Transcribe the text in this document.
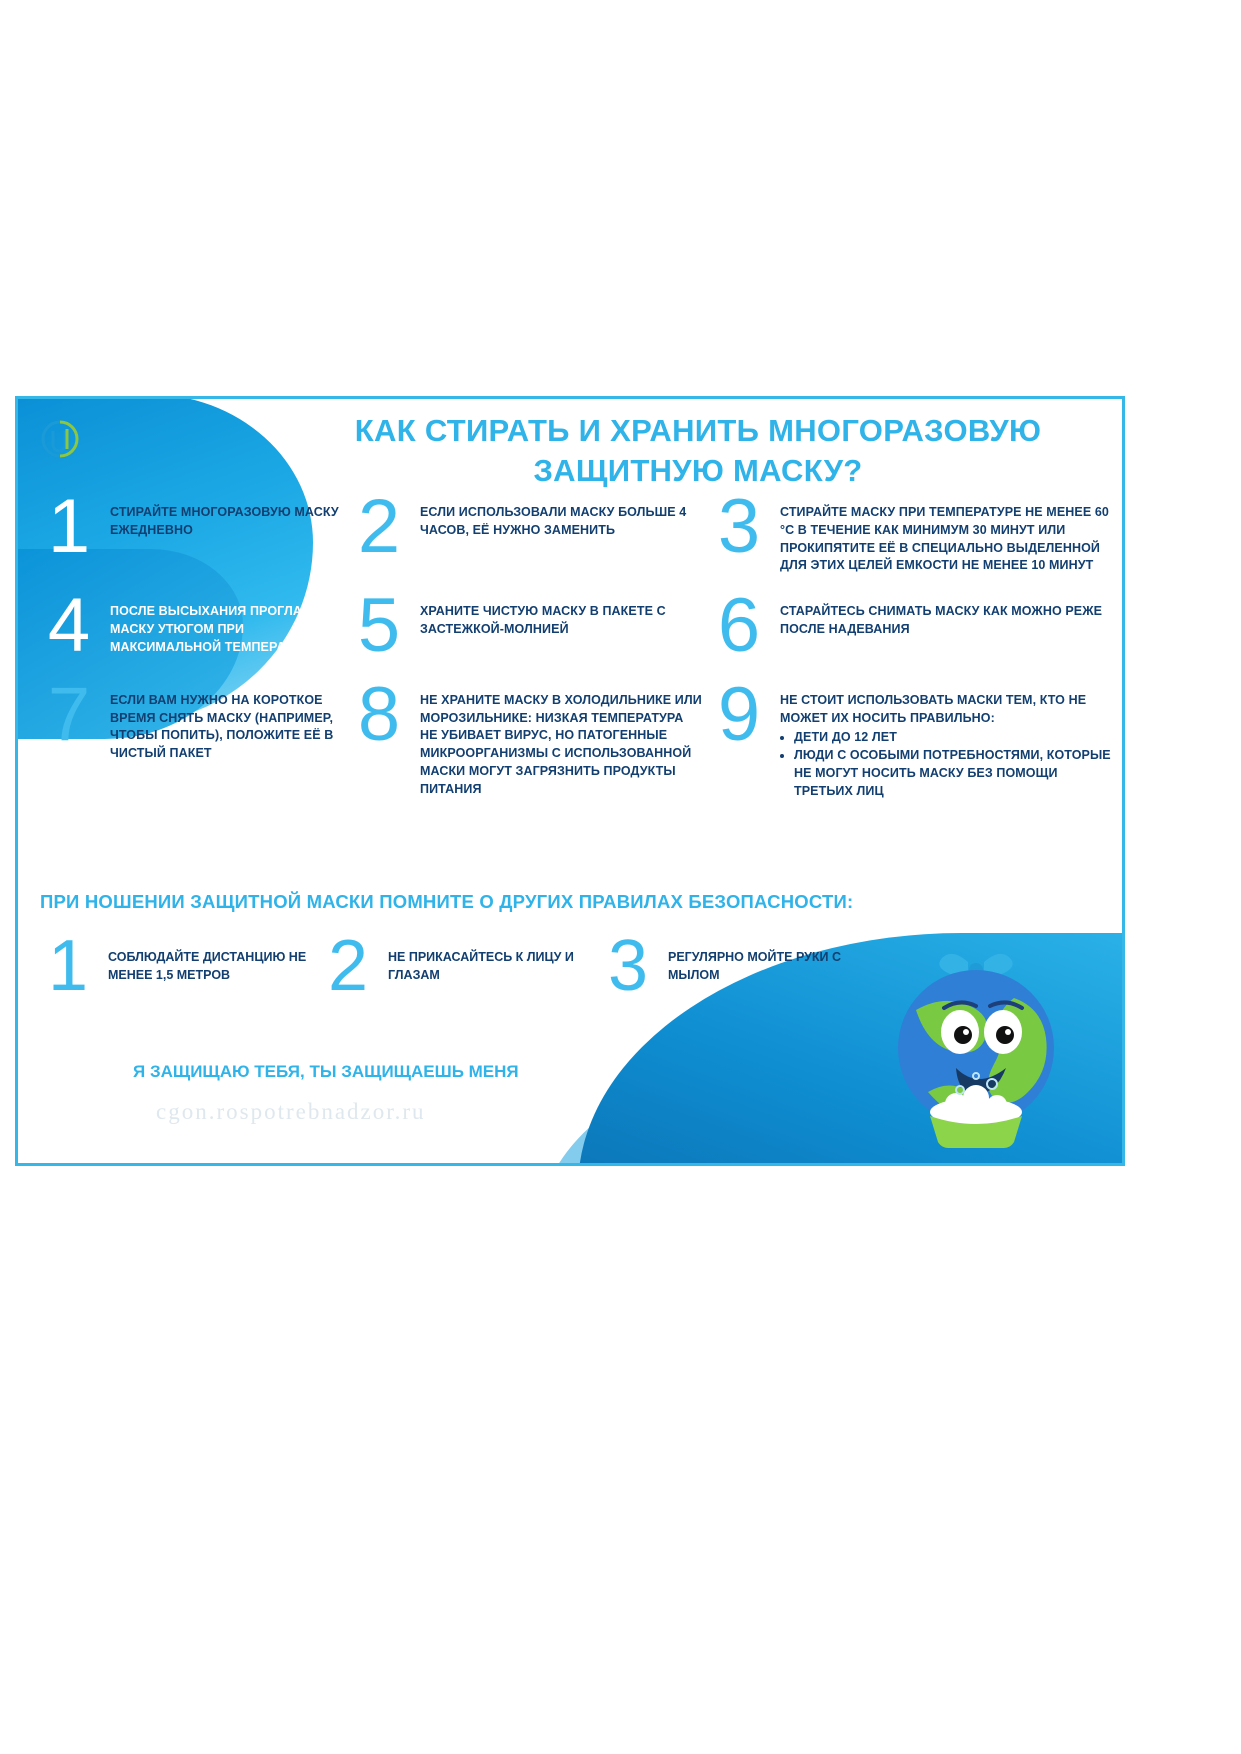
КАК СТИРАТЬ И ХРАНИТЬ МНОГОРАЗОВУЮ
ЗАЩИТНУЮ МАСКУ?
1	СТИРАЙТЕ МНОГОРАЗОВУЮ МАСКУ ЕЖЕДНЕВНО	2	ЕСЛИ ИСПОЛЬЗОВАЛИ МАСКУ БОЛЬШЕ 4 ЧАСОВ, ЕЁ НУЖНО ЗАМЕНИТЬ	3	СТИРАЙТЕ МАСКУ ПРИ ТЕМПЕРАТУРЕ НЕ МЕНЕЕ 60 °C В ТЕЧЕНИЕ КАК МИНИМУМ 30 МИНУТ ИЛИ ПРОКИПЯТИТЕ ЕЁ В СПЕЦИАЛЬНО ВЫДЕЛЕННОЙ ДЛЯ ЭТИХ ЦЕЛЕЙ ЕМКОСТИ НЕ МЕНЕЕ 10 МИНУТ
4	ПОСЛЕ ВЫСЫХАНИЯ ПРОГЛАДЬТЕ МАСКУ УТЮГОМ ПРИ МАКСИМАЛЬНОЙ ТЕМПЕРАТУРЕ 5	ХРАНИТЕ ЧИСТУЮ МАСКУ В ПАКЕТЕ С ЗАСТЕЖКОЙ-МОЛНИЕЙ	6	СТАРАЙТЕСЬ СНИМАТЬ МАСКУ КАК МОЖНО РЕЖЕ ПОСЛЕ НАДЕВАНИЯ
7	ЕСЛИ ВАМ НУЖНО НА КОРОТКОЕ ВРЕМЯ СНЯТЬ МАСКУ (НАПРИМЕР, ЧТОБЫ ПОПИТЬ), ПОЛОЖИТЕ ЕЁ В ЧИСТЫЙ ПАКЕТ	8	НЕ ХРАНИТЕ МАСКУ В ХОЛОДИЛЬНИКЕ ИЛИ МОРОЗИЛЬНИКЕ: НИЗКАЯ ТЕМПЕРАТУРА НЕ УБИВАЕТ ВИРУС, НО ПАТОГЕННЫЕ МИКРООРГАНИЗМЫ С ИСПОЛЬЗОВАННОЙ МАСКИ МОГУТ ЗАГРЯЗНИТЬ ПРОДУКТЫ ПИТАНИЯ
9	НЕ СТОИТ ИСПОЛЬЗОВАТЬ МАСКИ ТЕМ, КТО НЕ МОЖЕТ ИХ НОСИТЬ ПРАВИЛЬНО:
• ДЕТИ ДО 12 ЛЕТ
• ЛЮДИ С ОСОБЫМИ ПОТРЕБНОСТЯМИ, КОТОРЫЕ НЕ МОГУТ НОСИТЬ МАСКУ БЕЗ ПОМОЩИ ТРЕТЬИХ ЛИЦ
ПРИ НОШЕНИИ ЗАЩИТНОЙ МАСКИ ПОМНИТЕ О ДРУГИХ ПРАВИЛАХ БЕЗОПАСНОСТИ:
1	СОБЛЮДАЙТЕ ДИСТАНЦИЮ НЕ МЕНЕЕ 1,5 МЕТРОВ	2	НЕ ПРИКАСАЙТЕСЬ К ЛИЦУ И ГЛАЗАМ	3	РЕГУЛЯРНО МОЙТЕ РУКИ С МЫЛОМ
Я ЗАЩИЩАЮ ТЕБЯ, ТЫ ЗАЩИЩАЕШЬ МЕНЯ
cgon.rospotrebnadzor.ru
